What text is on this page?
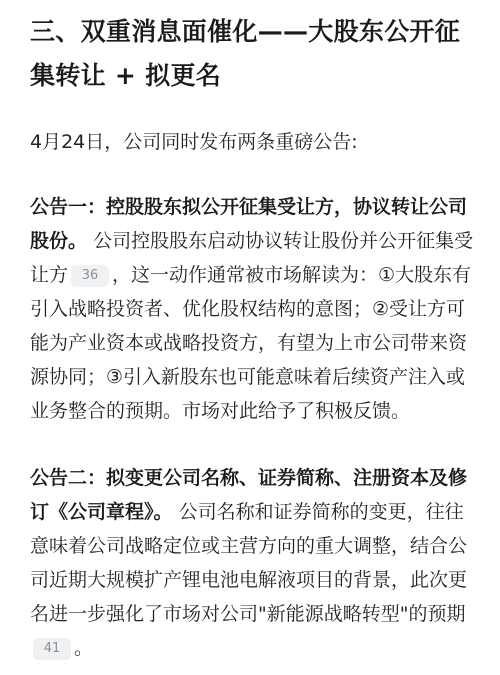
三、双重消息面催化——大股东公开征集转让 + 拟更名

4月24日，公司同时发布两条重磅公告:

公告一：控股股东拟公开征集受让方，协议转让公司股份。 公司控股股东启动协议转让股份并公开征集受让方 36 ，这一动作通常被市场解读为：①大股东有引入战略投资者、优化股权结构的意图；②受让方可能为产业资本或战略投资方，有望为上市公司带来资源协同；③引入新股东也可能意味着后续资产注入或业务整合的预期。市场对此给予了积极反馈。

公告二：拟变更公司名称、证券简称、注册资本及修订《公司章程》。 公司名称和证券简称的变更，往往意味着公司战略定位或主营方向的重大调整，结合公司近期大规模扩产锂电池电解液项目的背景，此次更名进一步强化了市场对公司"新能源战略转型"的预期41 。
